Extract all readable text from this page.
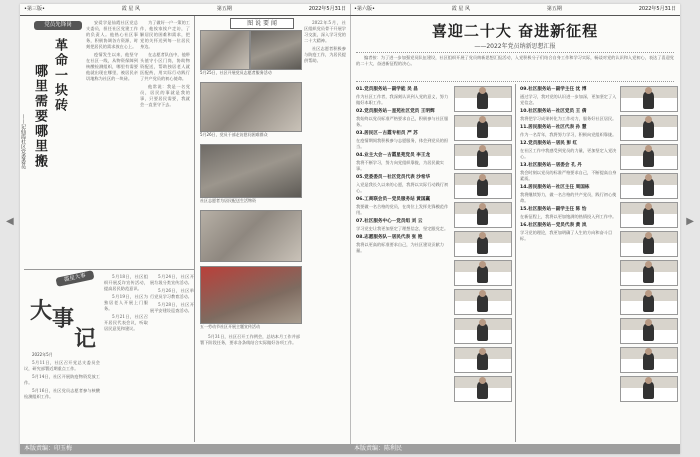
◀	▶
•第三版•	霞 星 风	第五期	2022年5月31日
党员先锋岗
革命一块砖
哪里需要哪里搬
——记仙霞社区党委委员

安爱学是仙霞社区党总支委员，担任社区党建工作的负责人。他热心社区事务，积极协调各方资源，时刻把居民的需求放在心上。

疫情发生以来，他坚守在社区一线，从物资保障到核酸检测组织，哪里有需要他就出现在哪里，被居民亲切地称为社区的一块砖。

为了做好一户一策的工作，他挨家挨户走访，了解居民的困难和需求，把党的关怀送到每一位居民身边。

在志愿者队伍中，他带头值守小区门岗，协助物资配送，帮助独居老人就医配药，用实际行动践行了共产党员的初心使命。

他常说：我是一名党员，居民的事就是我的事，只要居民需要，我就会一直坚守下去。

图 说 要 闻
5月25日，社区开展党员志愿者服务活动
5月26日，党员干部走访慰问困难群众
社区志愿者为居民配送生活物资
五一劳动节社区开展主题宣传活动

2022年5月，社区组织党员骨干开展学习交流，深入学习党的二十大精神。

社区志愿者积极参与防疫工作，为居民提供帮助。

霞星大事
大 事
记
2022年5月

5月11日，社区召开党总支委员会议，研究部署近期重点工作。

5月14日，社区开展防疫物资发放工作。

5月16日，社区党员志愿者参与核酸检测组织工作。

5月18日，社区组织开展反诈宣传活动，提高居民防范意识。

5月19日，社区为独居老人开展上门服务。

5月21日，社区召开居民代表会议，听取居民意见和建议。

5月24日，社区开展垃圾分类宣传活动。

5月26日，社区举行党员学习教育活动。

5月28日，社区开展平安建设巡查活动。

5月31日，社区召开工作例会，总结本月工作并部署下阶段任务，要求各条线结合实际做好各项工作。

本版责编：印玉梅
•第六版•	霞 星 风	第五期	2022年5月31日
喜迎二十大 奋进新征程
——2022年党员纳新思想汇报

编者按：为了进一步加强党员队伍建设，社区组织开展了党员纳新思想汇报活动，入党积极分子们结合自身工作和学习实际，畅谈对党的认识和入党初心，表达了喜迎党的二十大、奋进新征程的决心。

01.党员服务站－副学能 吴 昌
作为社区工作者，我深刻认识到入党的意义，努力做好本职工作。
02.党员服务站－星苑社区党员 王明辉
我始终以党员标准严格要求自己，积极参与社区服务。
03.居民区－古霞专柜员 严 苏
在疫情期间我积极参与志愿服务，体会到党员的担当。
04.业主大会－古霞星苑党员 李王龙
我将不断学习，努力向党组织靠拢，为居民做实事。
05.党委委员－社区党员代表 沙希华
入党是我长久以来的心愿，我将以实际行动践行初心。
06.工商联会员－党员服务站 黄国赢
我要做一名合格的党员，在岗位上发挥先锋模范作用。
07.社区服务中心－党员组 刘 云
学习党史让我更加坚定了理想信念，坚定跟党走。
08.志愿服务队－居民代表 张 艳
我将以更高的标准要求自己，为社区建设贡献力量。
09.社区服务站－副学主任 沈 博
通过学习，我对党的认识进一步加深，更加坚定了入党信念。
10.社区服务站－社区党员 王 倩
我将把学习成果转化为工作动力，服务好社区居民。
11.居民服务站－社区代表 孙 慧
作为一名青年，我将努力学习，积极向党组织靠拢。
12.党员服务站－居民 彭 红
在社区工作中我感受到党员的力量，更加坚定入党决心。
13.社区服务站－居委会 孔 丹
我会时刻以党员的标准严格要求自己，不断提高自身素质。
14.居民服务站－社区主任 周国栋
我将继续努力，做一名合格的共产党员，践行初心使命。
15.社区服务站－副学主任 陈 怡
在新征程上，我将以更加饱满的热情投入到工作中。
16.社区服务站－党员代表 黄 岚
学习党的理论，我更加明确了人生的方向和奋斗目标。
本版责编：陈利民
